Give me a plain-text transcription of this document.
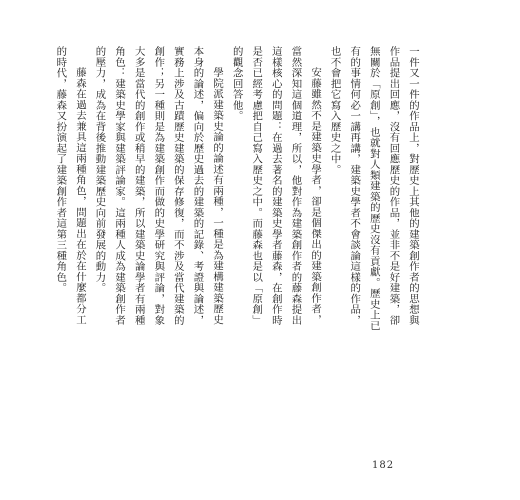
一件又一件的作品上，對歷史上其他的建築創作者的思想與作品提出回應，沒有回應歷史的作品，並非不是好建築，卻無關於「原創」，也就對人類建築的歷史沒有貢獻。歷史上已有的事情何必一講再講，建築史學者不會談論這樣的作品，也不會把它寫入歷史之中。

安藤雖然不是建築史學者，卻是個傑出的建築創作者，當然深知這個道理，所以，他對作為建築創作者的藤森提出這樣核心的問題：在過去著名的建築史學者藤森，在創作時是否已經考慮把自己寫入歷史之中。而藤森也是以「原創」的觀念回答他。

學院派建築史論的論述有兩種，一種是為建構建築歷史本身的論述，偏向於歷史過去的建築的記錄、考證與論述，實務上涉及古蹟歷史建築的保存修復，而不涉及當代建築的創作；另一種則是為建築創作而做的史學研究與評論，對象大多是當代的創作或稍早的建築，所以建築史論學者有兩種角色：建築史學家與建築評論家。這兩種人成為建築創作者的壓力，成為在背後推動建築歷史向前發展的動力。

藤森在過去兼具這兩種角色，問題出在於在什麼都分工的時代，藤森又扮演起了建築創作者這第三種角色。

182
